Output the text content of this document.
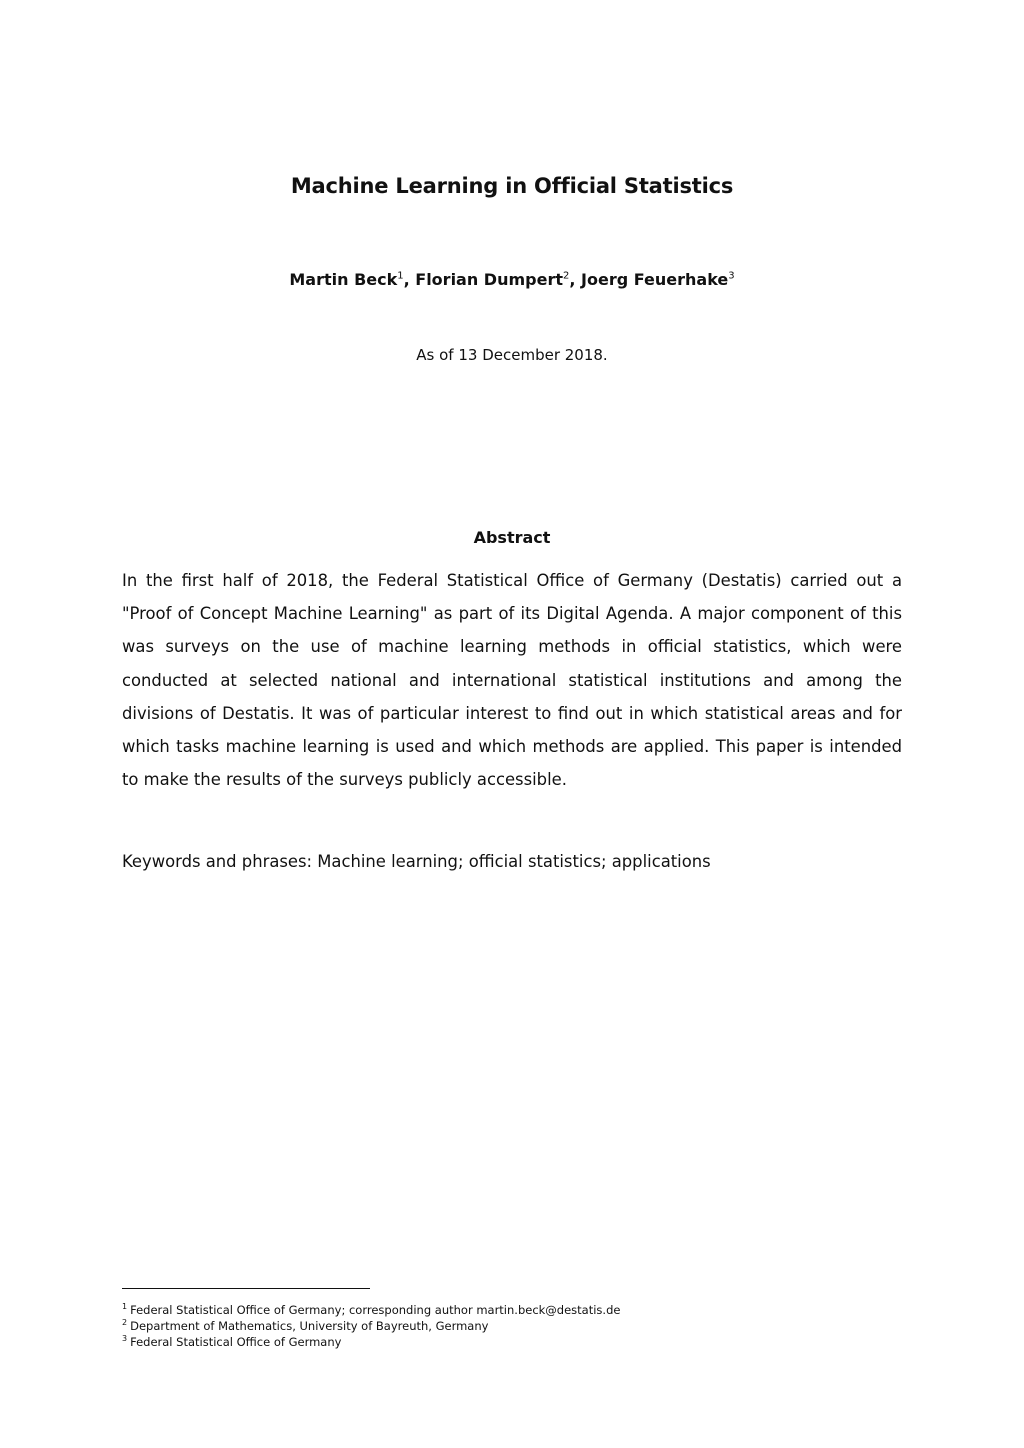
Machine Learning in Official Statistics
Martin Beck$^1$, Florian Dumpert$^2$, Joerg Feuerhake$^3$
As of 13 December 2018.
Abstract
In the first half of 2018, the Federal Statistical Office of Germany (Destatis) carried out a "Proof of Concept Machine Learning" as part of its Digital Agenda. A major component of this was surveys on the use of machine learning methods in official statistics, which were conducted at selected national and international statistical institutions and among the divisions of Destatis. It was of particular interest to find out in which statistical areas and for which tasks machine learning is used and which methods are applied. This paper is intended to make the results of the surveys publicly accessible.
Keywords and phrases: Machine learning; official statistics; applications
$^1$ Federal Statistical Office of Germany; corresponding author martin.beck@destatis.de
$^2$ Department of Mathematics, University of Bayreuth, Germany
$^3$ Federal Statistical Office of Germany
